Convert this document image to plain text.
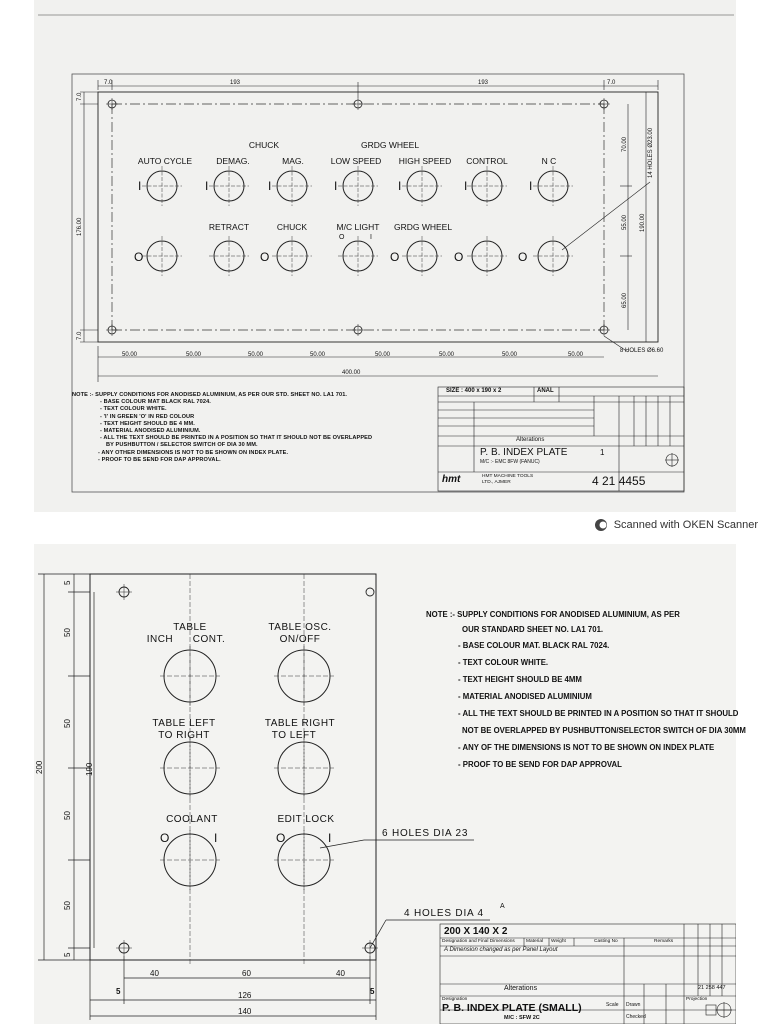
I	I	I	I	I	I	I
O	O	O	O	O
CHUCK	GRDG WHEEL
AUTO CYCLE	DEMAG.	MAG.	LOW SPEED HIGH SPEED CONTROL	N C
RETRACT	CHUCK	M/C LIGHT GRDG WHEEL
O	I
7.0	193	193	7.0
7.0
176.00
7.0
70.00
55.00 190.00
65.00
14 HOLES Ø23.00
50.00	50.00	50.00	50.00	50.00	50.00	50.00	50.00
400.00
8 HOLES Ø6.60
SIZE : 400 x 190 x 2	ANAL
Alterations
P. B. INDEX PLATE
M/C :- EMC 8FW (FANUC)
hmt	HMT MACHINE TOOLS LTD., AJMER
1
4 21 4455
NOTE :- SUPPLY CONDITIONS FOR ANODISED ALUMINIUM, AS PER OUR STD. SHEET NO. LA1 701.
- BASE COLOUR MAT BLACK RAL 7024.
- TEXT COLOUR WHITE.
- 'I' IN GREEN 'O' IN RED COLOUR
- TEXT HEIGHT SHOULD BE 4 MM.
- MATERIAL ANODISED ALUMINIUM.
- ALL THE TEXT SHOULD BE PRINTED IN A POSITION SO THAT IT SHOULD NOT BE OVERLAPPED
BY PUSHBUTTON / SELECTOR SWITCH OF DIA 30 MM.
- ANY OTHER DIMENSIONS IS NOT TO BE SHOWN ON INDEX PLATE.
- PROOF TO BE SEND FOR DAP APPROVAL.
Scanned with OKEN Scanner
TABLE
INCH      CONT.
TABLE OSC.
ON/OFF
TABLE LEFT
TO RIGHT
TABLE RIGHT
TO LEFT
COOLANT	EDIT LOCK
O	I	O	I	6 HOLES DIA 23
4 HOLES DIA 4
A
5
50
50
50
50
5
200	190
40	60	40
5	126	5
140
200 X 140 X 2
Designation and Final Dimensions Material Weight	Casting No	Remarks
A Dimension changed as per Panel Layout
Alterations
Designation
P. B. INDEX PLATE (SMALL)
M/C : SFW 2C
Scale Drawn
Checked
21 258 447
Projection
NOTE :- SUPPLY CONDITIONS FOR ANODISED ALUMINIUM, AS PER
OUR STANDARD SHEET NO. LA1 701.
- BASE COLOUR MAT. BLACK RAL 7024.
- TEXT COLOUR WHITE.
- TEXT HEIGHT SHOULD BE 4MM
- MATERIAL ANODISED ALUMINIUM
- ALL THE TEXT SHOULD BE PRINTED IN A POSITION SO THAT IT SHOULD
NOT BE OVERLAPPED BY PUSHBUTTON/SELECTOR SWITCH OF DIA 30MM
- ANY OF THE DIMENSIONS IS NOT TO BE SHOWN ON INDEX PLATE
- PROOF TO BE SEND FOR DAP APPROVAL
